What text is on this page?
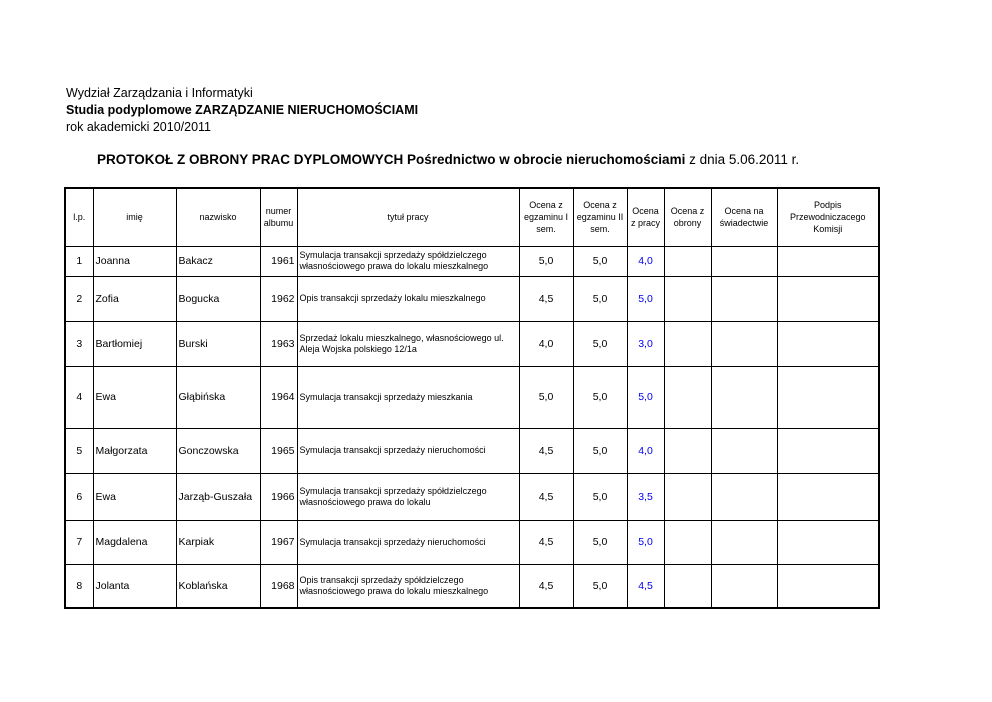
Wydział Zarządzania i Informatyki
Studia podyplomowe ZARZĄDZANIE NIERUCHOMOŚCIAMI
rok akademicki 2010/2011
PROTOKOŁ Z OBRONY PRAC DYPLOMOWYCH Pośrednictwo w obrocie nieruchomościami z dnia 5.06.2011 r.
l.p.	imię	nazwisko	numer albumu	tytuł pracy	Ocena z egzaminu I sem.	Ocena z egzaminu II sem.	Ocena z pracy	Ocena z obrony	Ocena na świadectwie	Podpis Przewodniczacego Komisji
1	Joanna	Bakacz	1961	Symulacja transakcji sprzedaży spółdzielczego własnościowego prawa do lokalu mieszkalnego	5,0	5,0	4,0			
2	Zofia	Bogucka	1962	Opis transakcji sprzedaży lokalu mieszkalnego	4,5	5,0	5,0			
3	Bartłomiej	Burski	1963	Sprzedaż lokalu mieszkalnego, własnościowego ul. Aleja Wojska polskiego 12/1a	4,0	5,0	3,0			
4	Ewa	Głąbińska	1964	Symulacja transakcji sprzedaży mieszkania	5,0	5,0	5,0			
5	Małgorzata	Gonczowska	1965	Symulacja transakcji sprzedaży nieruchomości	4,5	5,0	4,0			
6	Ewa	Jarząb-Guszała	1966	Symulacja transakcji sprzedaży spółdzielczego własnościowego prawa do lokalu	4,5	5,0	3,5			
7	Magdalena	Karpiak	1967	Symulacja transakcji sprzedaży nieruchomości	4,5	5,0	5,0			
8	Jolanta	Koblańska	1968	Opis transakcji sprzedaży spółdzielczego własnościowego prawa do lokalu mieszkalnego	4,5	5,0	4,5			
